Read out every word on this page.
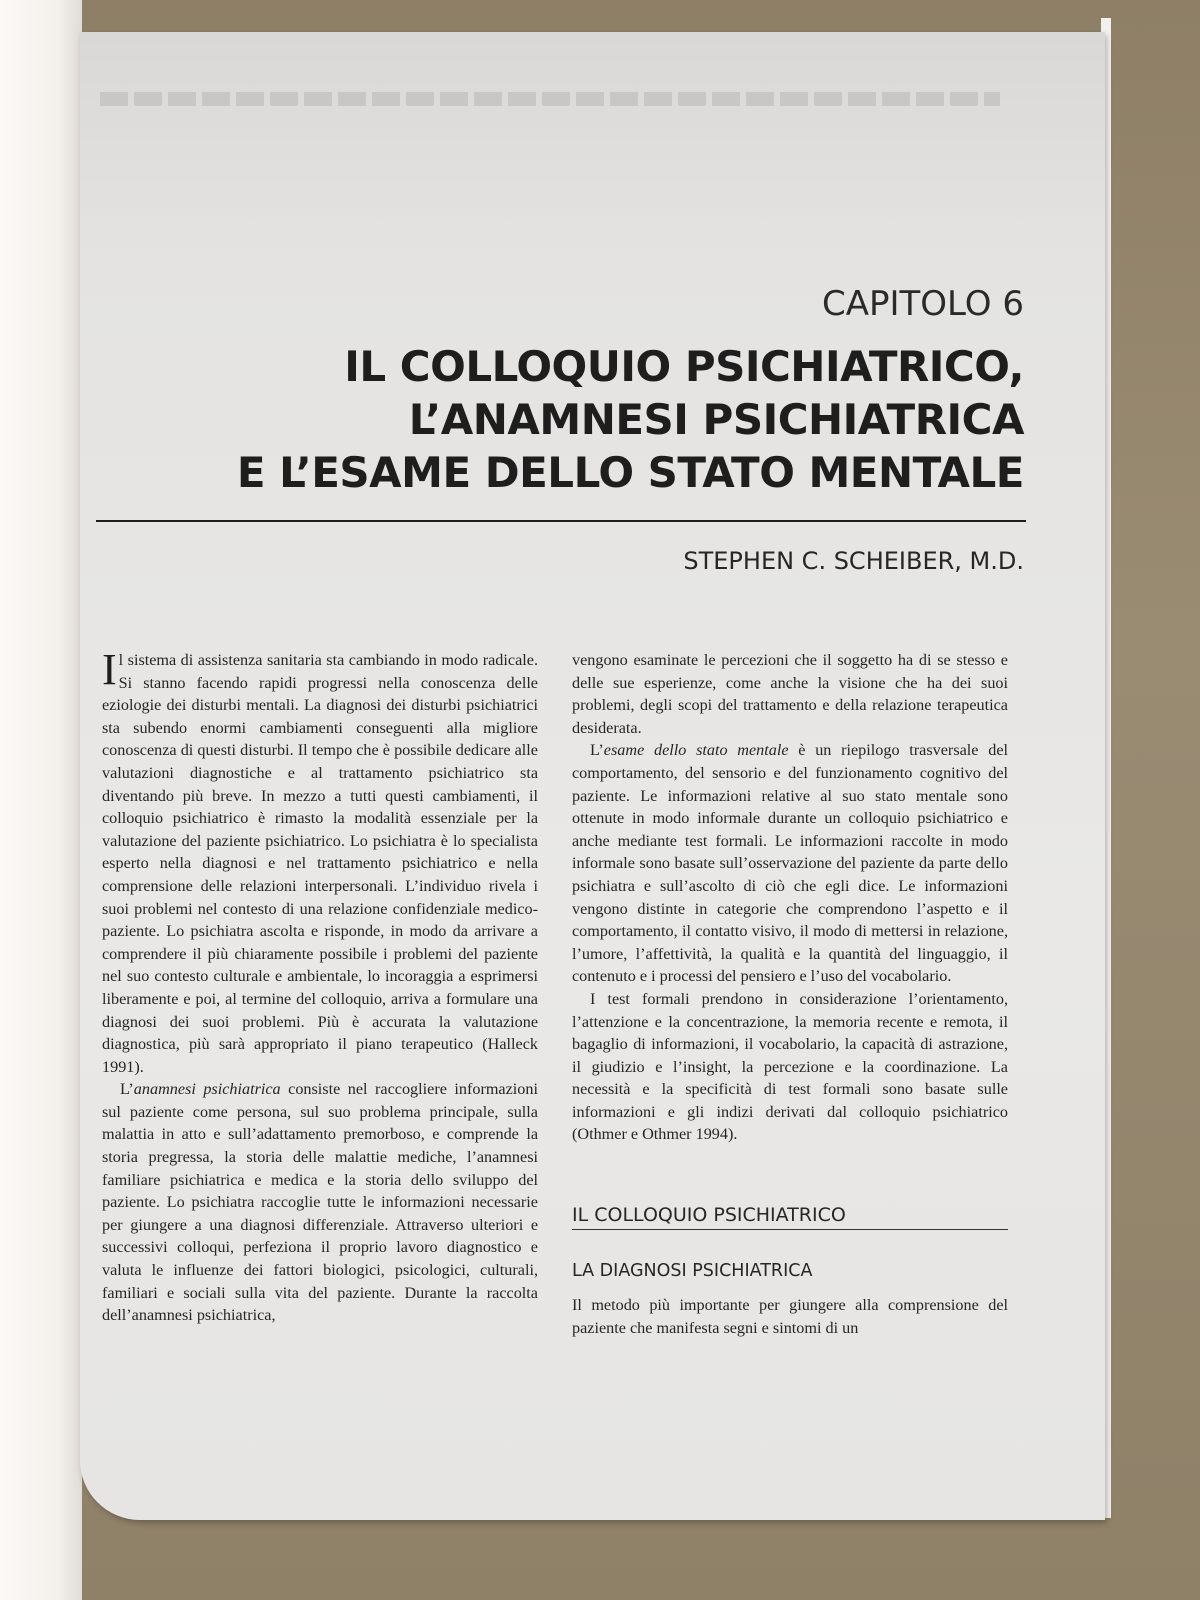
CAPITOLO 6
IL COLLOQUIO PSICHIATRICO,
L’ANAMNESI PSICHIATRICA
E L’ESAME DELLO STATO MENTALE
STEPHEN C. SCHEIBER, M.D.

Il sistema di assistenza sanitaria sta cambiando in modo radicale. Si stanno facendo rapidi progressi nella conoscenza delle eziologie dei disturbi mentali. La diagnosi dei disturbi psichiatrici sta subendo enormi cambiamenti conseguenti alla migliore conoscenza di questi disturbi. Il tempo che è possibile dedicare alle valutazioni diagnostiche e al trattamento psichiatrico sta diventando più breve. In mezzo a tutti questi cambiamenti, il colloquio psichiatrico è rimasto la modalità essenziale per la valutazione del paziente psichiatrico. Lo psichiatra è lo specialista esperto nella diagnosi e nel trattamento psichiatrico e nella comprensione delle relazioni interpersonali. L’individuo rivela i suoi problemi nel contesto di una relazione confidenziale medico-paziente. Lo psichiatra ascolta e risponde, in modo da arrivare a comprendere il più chiaramente possibile i problemi del paziente nel suo contesto culturale e ambientale, lo incoraggia a esprimersi liberamente e poi, al termine del colloquio, arriva a formulare una diagnosi dei suoi problemi. Più è accurata la valutazione diagnostica, più sarà appropriato il piano terapeutico (Halleck 1991).

L’anamnesi psichiatrica consiste nel raccogliere informazioni sul paziente come persona, sul suo problema principale, sulla malattia in atto e sull’adattamento premorboso, e comprende la storia pregressa, la storia delle malattie mediche, l’anamnesi familiare psichiatrica e medica e la storia dello sviluppo del paziente. Lo psichiatra raccoglie tutte le informazioni necessarie per giungere a una diagnosi differenziale. Attraverso ulteriori e successivi colloqui, perfeziona il proprio lavoro diagnostico e valuta le influenze dei fattori biologici, psicologici, culturali, familiari e sociali sulla vita del paziente. Durante la raccolta dell’anamnesi psichiatrica,

vengono esaminate le percezioni che il soggetto ha di se stesso e delle sue esperienze, come anche la visione che ha dei suoi problemi, degli scopi del trattamento e della relazione terapeutica desiderata.

L’esame dello stato mentale è un riepilogo trasversale del comportamento, del sensorio e del funzionamento cognitivo del paziente. Le informazioni relative al suo stato mentale sono ottenute in modo informale durante un colloquio psichiatrico e anche mediante test formali. Le informazioni raccolte in modo informale sono basate sull’osservazione del paziente da parte dello psichiatra e sull’ascolto di ciò che egli dice. Le informazioni vengono distinte in categorie che comprendono l’aspetto e il comportamento, il contatto visivo, il modo di mettersi in relazione, l’umore, l’affettività, la qualità e la quantità del linguaggio, il contenuto e i processi del pensiero e l’uso del vocabolario.

I test formali prendono in considerazione l’orientamento, l’attenzione e la concentrazione, la memoria recente e remota, il bagaglio di informazioni, il vocabolario, la capacità di astrazione, il giudizio e l’insight, la percezione e la coordinazione. La necessità e la specificità di test formali sono basate sulle informazioni e gli indizi derivati dal colloquio psichiatrico (Othmer e Othmer 1994).

IL COLLOQUIO PSICHIATRICO
LA DIAGNOSI PSICHIATRICA

Il metodo più importante per giungere alla comprensione del paziente che manifesta segni e sintomi di un
